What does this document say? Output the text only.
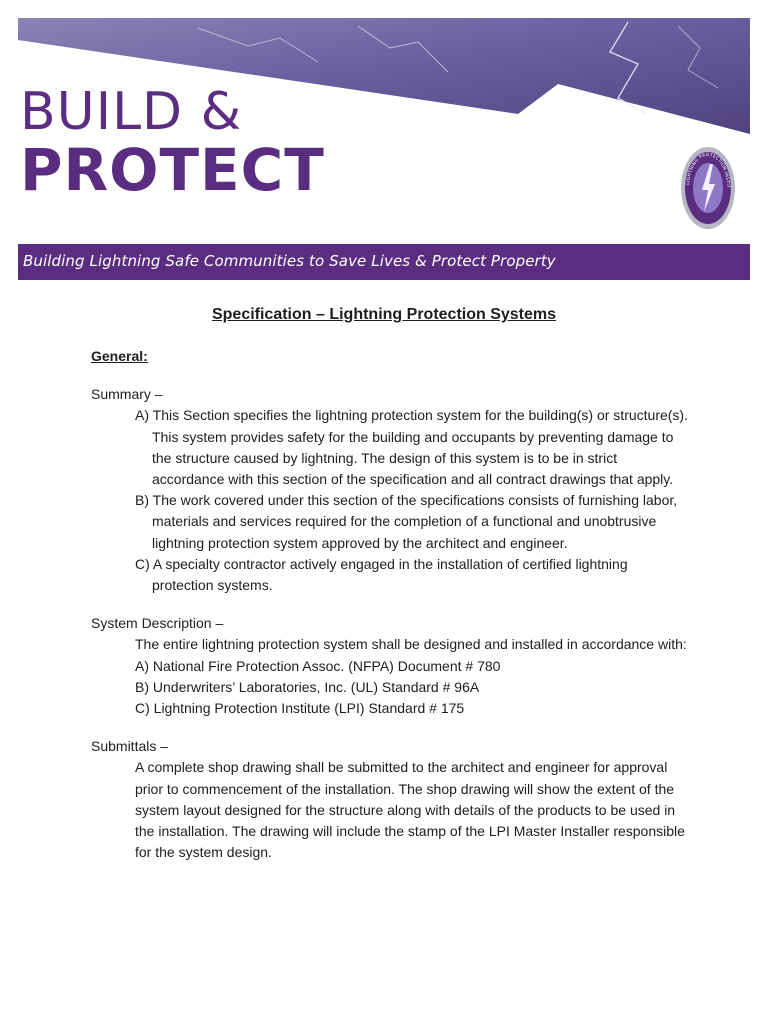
BUILD &
PROTECT	LIGHTNING PROTECTION INSTIT
Building Lightning Safe Communities to Save Lives & Protect Property
Specification – Lightning Protection Systems

General:

Summary –

A) This Section specifies the lightning protection system for the building(s) or structure(s). This system provides safety for the building and occupants by preventing damage to the structure caused by lightning. The design of this system is to be in strict accordance with this section of the specification and all contract drawings that apply.
B) The work covered under this section of the specifications consists of furnishing labor, materials and services required for the completion of a functional and unobtrusive lightning protection system approved by the architect and engineer.
C) A specialty contractor actively engaged in the installation of certified lightning protection systems.

System Description –

The entire lightning protection system shall be designed and installed in accordance with:

A) National Fire Protection Assoc. (NFPA) Document # 780
B) Underwriters’ Laboratories, Inc. (UL) Standard # 96A
C) Lightning Protection Institute (LPI) Standard # 175

Submittals –

A complete shop drawing shall be submitted to the architect and engineer for approval prior to commencement of the installation. The shop drawing will show the extent of the system layout designed for the structure along with details of the products to be used in the installation. The drawing will include the stamp of the LPI Master Installer responsible for the system design.
